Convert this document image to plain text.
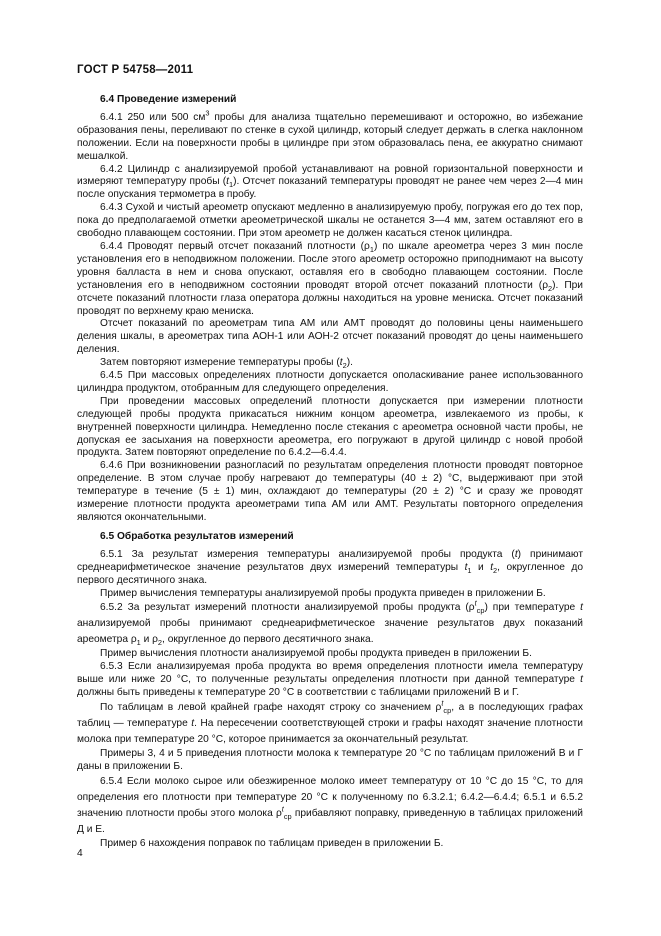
ГОСТ Р 54758—2011

6.4 Проведение измерений

6.4.1 250 или 500 $см^3$ пробы для анализа тщательно перемешивают и осторожно, во избежание образования пены, переливают по стенке в сухой цилиндр, который следует держать в слегка наклонном положении. Если на поверхности пробы в цилиндре при этом образовалась пена, ее аккуратно снимают мешалкой.

6.4.2 Цилиндр с анализируемой пробой устанавливают на ровной горизонтальной поверхности и измеряют температуру пробы $(t_1)$. Отсчет показаний температуры проводят не ранее чем через 2—4 мин после опускания термометра в пробу.

6.4.3 Сухой и чистый ареометр опускают медленно в анализируемую пробу, погружая его до тех пор, пока до предполагаемой отметки ареометрической шкалы не останется 3—4 мм, затем оставляют его в свободно плавающем состоянии. При этом ареометр не должен касаться стенок цилиндра.

6.4.4 Проводят первый отсчет показаний плотности $(\rho_1)$ по шкале ареометра через 3 мин после установления его в неподвижном положении. После этого ареометр осторожно приподнимают на высоту уровня балласта в нем и снова опускают, оставляя его в свободно плавающем состоянии. После установления его в неподвижном состоянии проводят второй отсчет показаний плотности $(\rho_2)$. При отсчете показаний плотности глаза оператора должны находиться на уровне мениска. Отсчет показаний проводят по верхнему краю мениска.

Отсчет показаний по ареометрам типа АМ или АМТ проводят до половины цены наименьшего деления шкалы, в ареометрах типа АОН-1 или АОН-2 отсчет показаний проводят до цены наименьшего деления.

Затем повторяют измерение температуры пробы $(t_2)$.

6.4.5 При массовых определениях плотности допускается ополаскивание ранее использованного цилиндра продуктом, отобранным для следующего определения.

При проведении массовых определений плотности допускается при измерении плотности следующей пробы продукта прикасаться нижним концом ареометра, извлекаемого из пробы, к внутренней поверхности цилиндра. Немедленно после стекания с ареометра основной части пробы, не допуская ее засыхания на поверхности ареометра, его погружают в другой цилиндр с новой пробой продукта. Затем повторяют определение по 6.4.2—6.4.4.

6.4.6 При возникновении разногласий по результатам определения плотности проводят повторное определение. В этом случае пробу нагревают до температуры (40 ± 2) °С, выдерживают при этой температуре в течение (5 ± 1) мин, охлаждают до температуры (20 ± 2) °С и сразу же проводят измерение плотности продукта ареометрами типа АМ или АМТ. Результаты повторного определения являются окончательными.

6.5 Обработка результатов измерений

6.5.1 За результат измерения температуры анализируемой пробы продукта (t) принимают среднеарифметическое значение результатов двух измерений температуры $t_1$ и $t_2$, округленное до первого десятичного знака.

Пример вычисления температуры анализируемой пробы продукта приведен в приложении Б.

6.5.2 За результат измерений плотности анализируемой пробы продукта $(\rho^t_{ср})$ при температуре t анализируемой пробы принимают среднеарифметическое значение результатов двух показаний ареометра $\rho_1$ и $\rho_2$, округленное до первого десятичного знака.

Пример вычисления плотности анализируемой пробы продукта приведен в приложении Б.

6.5.3 Если анализируемая проба продукта во время определения плотности имела температуру выше или ниже 20 °С, то полученные результаты определения плотности при данной температуре t должны быть приведены к температуре 20 °С в соответствии с таблицами приложений В и Г.

По таблицам в левой крайней графе находят строку со значением $\rho^t_{ср}$, а в последующих графах таблиц — температуре t. На пересечении соответствующей строки и графы находят значение плотности молока при температуре 20 °С, которое принимается за окончательный результат.

Примеры 3, 4 и 5 приведения плотности молока к температуре 20 °С по таблицам приложений В и Г даны в приложении Б.

6.5.4 Если молоко сырое или обезжиренное молоко имеет температуру от 10 °С до 15 °С, то для определения его плотности при температуре 20 °С к полученному по 6.3.2.1; 6.4.2—6.4.4; 6.5.1 и 6.5.2 значению плотности пробы этого молока $\rho^t_{ср}$ прибавляют поправку, приведенную в таблицах приложений Д и Е.

Пример 6 нахождения поправок по таблицам приведен в приложении Б.

4
